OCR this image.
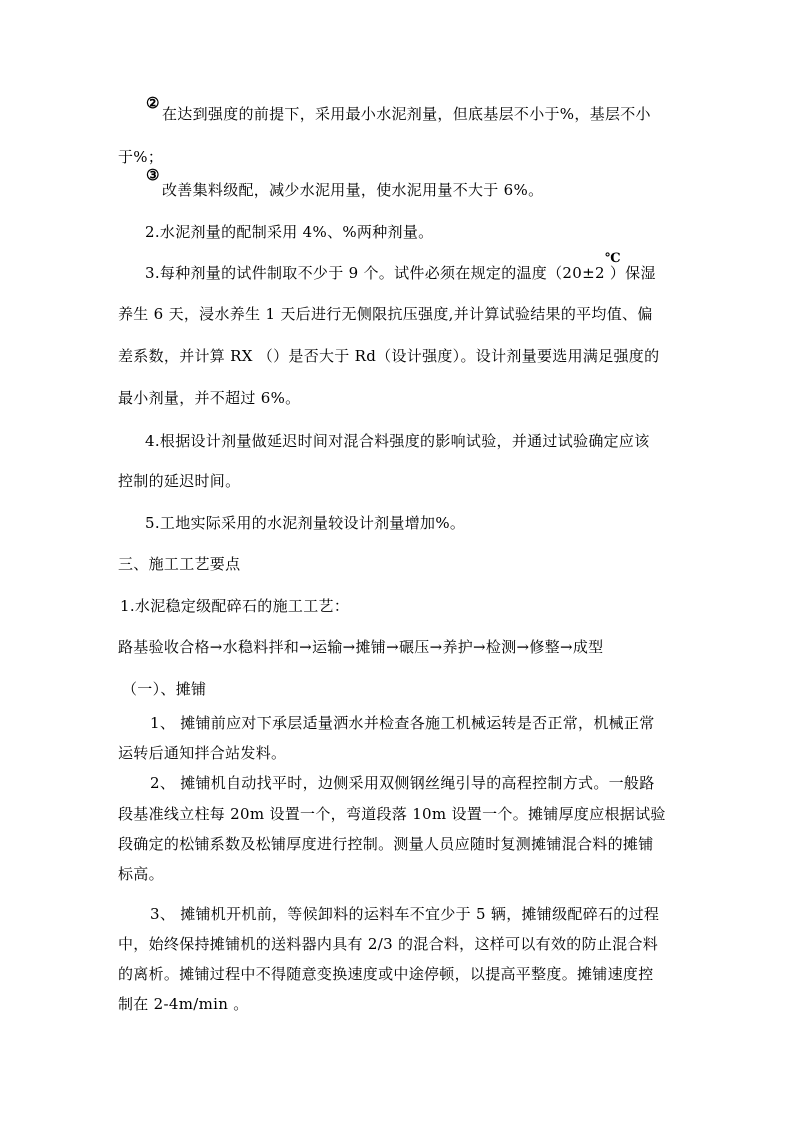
②
在达到强度的前提下，采用最小水泥剂量，但底基层不小于%，基层不小
于%；
③
改善集料级配，减少水泥用量，使水泥用量不大于 6%。
2.水泥剂量的配制采用 4%、%两种剂量。
3.每种剂量的试件制取不少于 9 个。试件必须在规定的温度（20±2 ）保湿
℃
养生 6 天，浸水养生 1 天后进行无侧限抗压强度,并计算试验结果的平均值、偏
差系数，并计算 RX （）是否大于 Rd（设计强度）。设计剂量要选用满足强度的
最小剂量，并不超过 6%。
4.根据设计剂量做延迟时间对混合料强度的影响试验，并通过试验确定应该
控制的延迟时间。
5.工地实际采用的水泥剂量较设计剂量增加%。
三、施工工艺要点
1.水泥稳定级配碎石的施工工艺：
路基验收合格→水稳料拌和→运输→摊铺→碾压→养护→检测→修整→成型
（一）、摊铺
1、 摊铺前应对下承层适量洒水并检查各施工机械运转是否正常，机械正常
运转后通知拌合站发料。
2、 摊铺机自动找平时，边侧采用双侧钢丝绳引导的高程控制方式。一般路
段基准线立柱每 20m 设置一个，弯道段落 10m 设置一个。摊铺厚度应根据试验
段确定的松铺系数及松铺厚度进行控制。测量人员应随时复测摊铺混合料的摊铺
标高。
3、 摊铺机开机前，等候卸料的运料车不宜少于 5 辆，摊铺级配碎石的过程
中，始终保持摊铺机的送料器内具有 2/3 的混合料，这样可以有效的防止混合料
的离析。摊铺过程中不得随意变换速度或中途停顿，以提高平整度。摊铺速度控
制在 2-4m/min 。
